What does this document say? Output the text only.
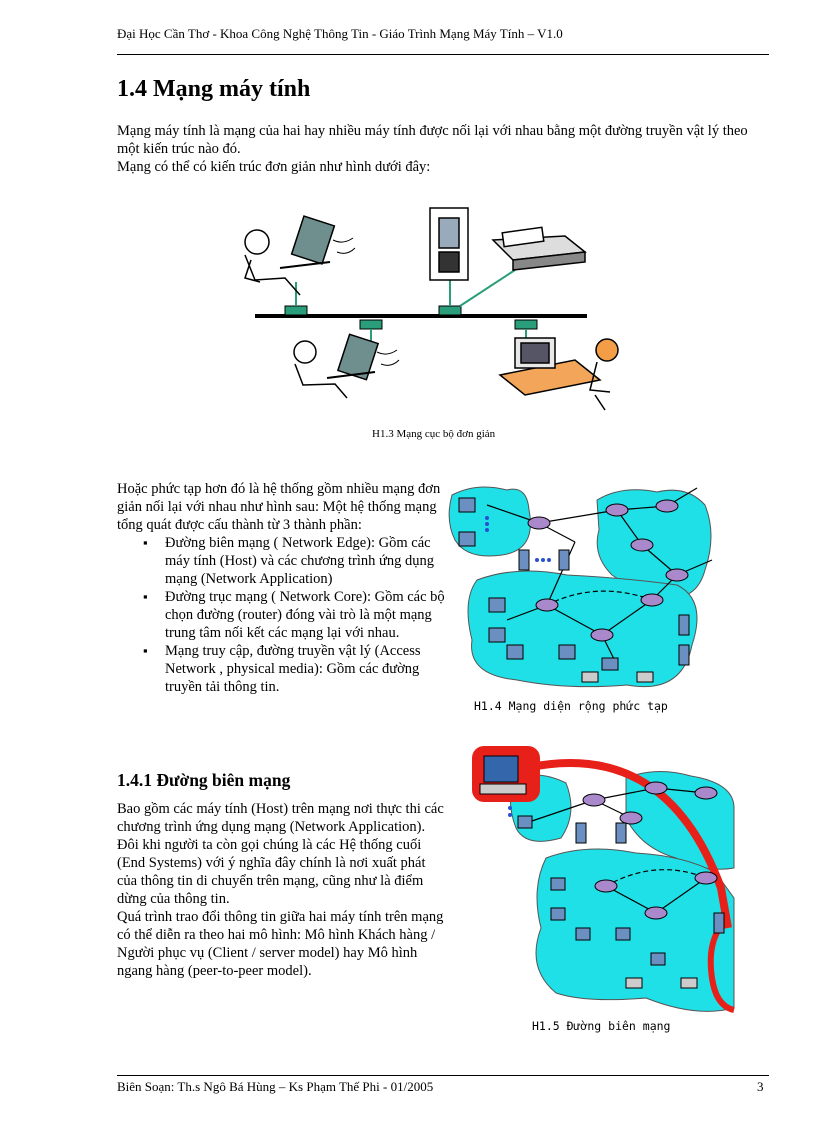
Đại Học Cần Thơ - Khoa Công Nghệ Thông Tin - Giáo Trình Mạng Máy Tính – V1.0
1.4 Mạng máy tính

Mạng máy tính là mạng của hai hay nhiều máy tính được nối lại với nhau bằng một đường truyền vật lý theo một kiến trúc nào đó.

Mạng có thể có kiến trúc đơn giản như hình dưới đây:

H1.3 Mạng cục bộ đơn giản

Hoặc phức tạp hơn đó là hệ thống gồm nhiều mạng đơn giản nối lại với nhau như hình sau: Một hệ thống mạng tổng quát được cấu thành từ 3 thành phần:

▪ Đường biên mạng ( Network Edge): Gồm các máy tính (Host) và các chương trình ứng dụng mạng (Network Application)
▪ Đường trục mạng ( Network Core): Gồm các bộ chọn đường (router) đóng vài trò là một mạng trung tâm nối kết các mạng lại với nhau.
▪ Mạng truy cập, đường truyền vật lý (Access Network , physical media): Gồm các đường truyền tải thông tin.
H1.4 Mạng diện rộng phức tạp
1.4.1 Đường biên mạng

Bao gồm các máy tính (Host) trên mạng nơi thực thi các chương trình ứng dụng mạng (Network Application). Đôi khi người ta còn gọi chúng là các Hệ thống cuối (End Systems) với ý nghĩa đây chính là nơi xuất phát của thông tin di chuyển trên mạng, cũng như là điểm dừng của thông tin.

Quá trình trao đổi thông tin giữa hai máy tính trên mạng có thể diễn ra theo hai mô hình: Mô hình Khách hàng / Người phục vụ (Client / server model) hay Mô hình ngang hàng (peer-to-peer model).

H1.5 Đường biên mạng
Biên Soạn: Th.s Ngô Bá Hùng – Ks Phạm Thế Phi - 01/2005	3
